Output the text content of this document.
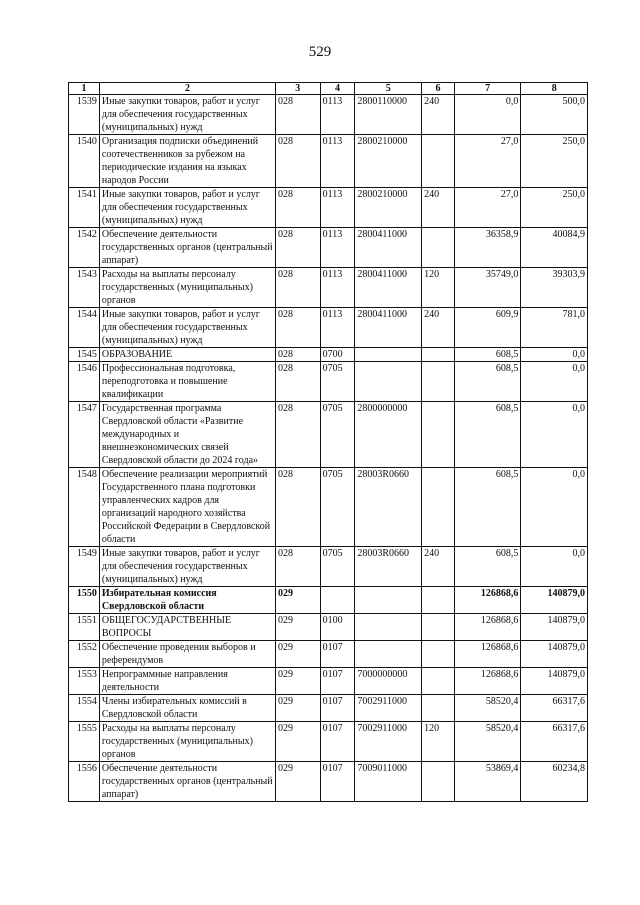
529
1	2	3	4	5	6	7	8
1539	Иные закупки товаров, работ и услуг для обеспечения государственных (муниципальных) нужд	028	0113	2800110000	240	0,0	500,0
1540	Организация подписки объединений соотечественников за рубежом на периодические издания на языках народов России	028	0113	2800210000		27,0	250,0
1541	Иные закупки товаров, работ и услуг для обеспечения государственных (муниципальных) нужд	028	0113	2800210000	240	27,0	250,0
1542	Обеспечение деятельности государственных органов (центральный аппарат)	028	0113	2800411000		36358,9	40084,9
1543	Расходы на выплаты персоналу государственных (муниципальных) органов	028	0113	2800411000	120	35749,0	39303,9
1544	Иные закупки товаров, работ и услуг для обеспечения государственных (муниципальных) нужд	028	0113	2800411000	240	609,9	781,0
1545	ОБРАЗОВАНИЕ	028	0700			608,5	0,0
1546	Профессиональная подготовка, переподготовка и повышение квалификации	028	0705			608,5	0,0
1547	Государственная программа Свердловской области «Развитие международных и внешнеэкономических связей Свердловской области до 2024 года»	028	0705	2800000000		608,5	0,0
1548	Обеспечение реализации мероприятий Государственного плана подготовки управленческих кадров для организаций народного хозяйства Российской Федерации в Свердловской области	028	0705	28003R0660		608,5	0,0
1549	Иные закупки товаров, работ и услуг для обеспечения государственных (муниципальных) нужд	028	0705	28003R0660	240	608,5	0,0
1550	Избирательная комиссия Свердловской области	029				126868,6	140879,0
1551	ОБЩЕГОСУДАРСТВЕННЫЕ ВОПРОСЫ	029	0100			126868,6	140879,0
1552	Обеспечение проведения выборов и референдумов	029	0107			126868,6	140879,0
1553	Непрограммные направления деятельности	029	0107	7000000000		126868,6	140879,0
1554	Члены избирательных комиссий в Свердловской области	029	0107	7002911000		58520,4	66317,6
1555	Расходы на выплаты персоналу государственных (муниципальных) органов	029	0107	7002911000	120	58520,4	66317,6
1556	Обеспечение деятельности государственных органов (центральный аппарат)	029	0107	7009011000		53869,4	60234,8
